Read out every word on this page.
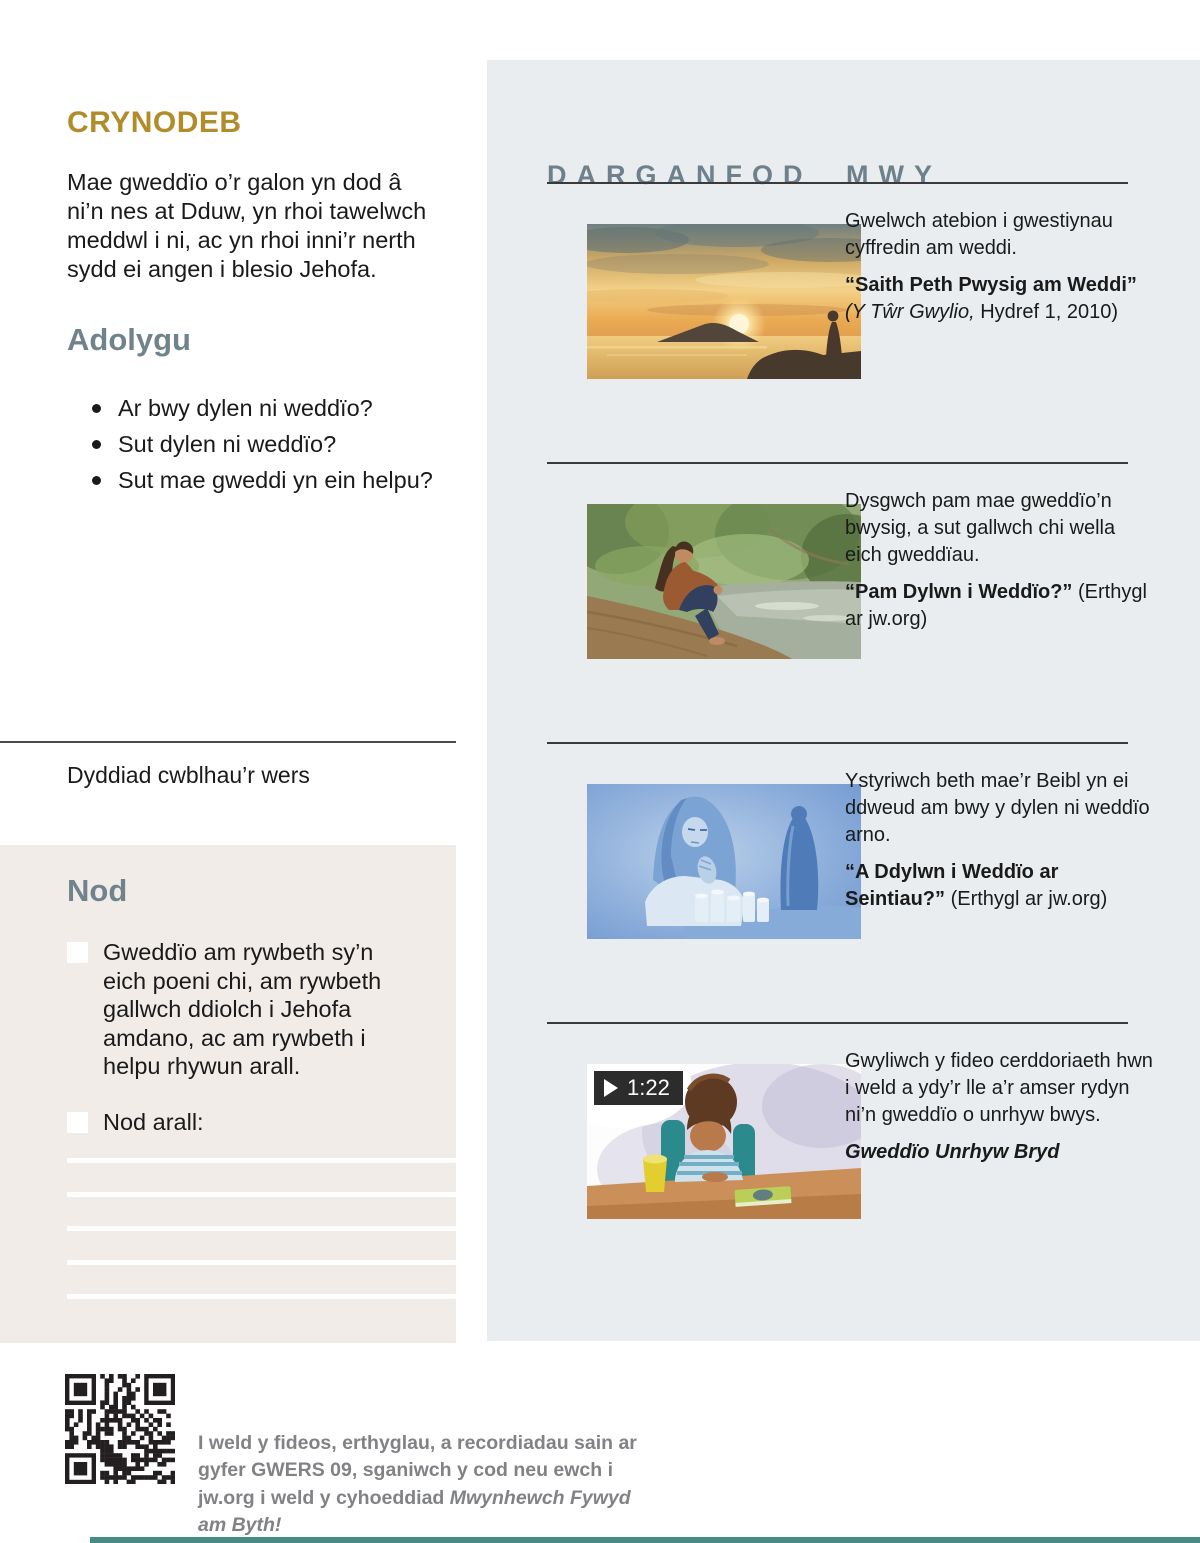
DARGANFOD MWY

Gwelwch atebion i gwestiynau cyffredin am weddi.

“Saith Peth Pwysig am Weddi” (Y Tŵr Gwylio, Hydref 1, 2010)

Dysgwch pam mae gweddïo’n bwysig, a sut gallwch chi wella eich gweddïau.

“Pam Dylwn i Weddïo?” (Erthygl ar jw.org)

Ystyriwch beth mae’r Beibl yn ei ddweud am bwy y dylen ni weddïo arno.

“A Ddylwn i Weddïo ar Seintiau?” (Erthygl ar jw.org)

1:22

Gwyliwch y fideo cerddoriaeth hwn i weld a ydy’r lle a’r amser rydyn ni’n gweddïo o unrhyw bwys.

Gweddïo Unrhyw Bryd

CRYNODEB

Mae gweddïo o’r galon yn dod â ni’n nes at Dduw, yn rhoi tawelwch meddwl i ni, ac yn rhoi inni’r nerth sydd ei angen i blesio Jehofa.

Adolygu
Ar bwy dylen ni weddïo?
Sut dylen ni weddïo?
Sut mae gweddi yn ein helpu?
Dyddiad cwblhau’r wers
Nod
Gweddïo am rywbeth sy’n eich poeni chi, am rywbeth gallwch ddiolch i Jehofa amdano, ac am rywbeth i helpu rhywun arall.
Nod arall:

I weld y fideos, erthyglau, a recordiadau sain ar gyfer GWERS 09, sganiwch y cod neu ewch i jw.org i weld y cyhoeddiad Mwynhewch Fywyd am Byth!
